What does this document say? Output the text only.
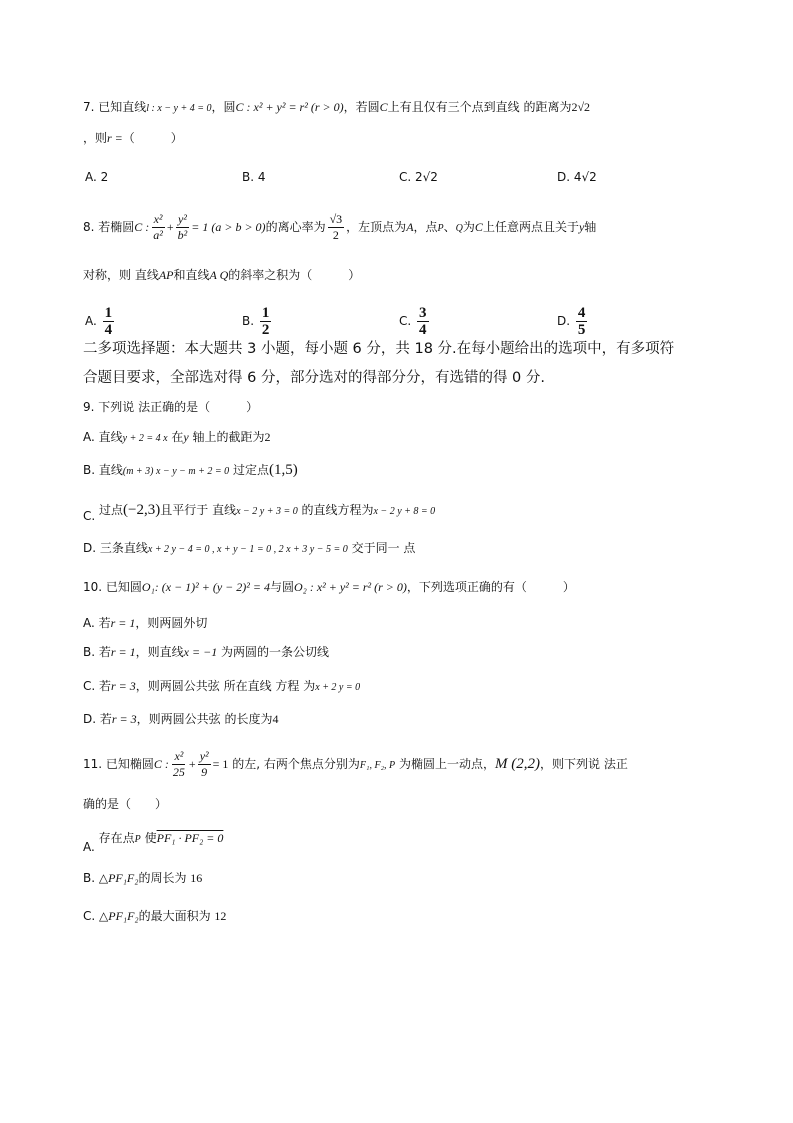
7. 已知直线l : x − y + 4 = 0，圆C : x² + y² = r² (r > 0)，若圆C上有且仅有三个点到直线 的距离为2√2
，则r =（　　　）
A. 2	B. 4	C. 2√2	D. 4√2
8. 若椭圆C : $\frac{\text{x²}}{\text{a²}} + \frac{\text{y²}}{\text{b²}} = 1$ (a > b > 0)的离心率为 $\frac{√3}{2}$ ，左顶点为A，点P、Q为C上任意两点且关于y轴
对称，则 直线AP和直线A Q的斜率之积为（　　　）
A. $\frac{1}{4}$	B. $\frac{1}{2}$	C. $\frac{3}{4}$	D. $\frac{4}{5}$
二多项选择题：本大题共 3 小题，每小题 6 分，共 18 分.在每小题给出的选项中，有多项符
合题目要求，全部选对得 6 分，部分选对的得部分分，有选错的得 0 分.
9. 下列说 法正确的是（　　　）
A. 直线y + 2 = 4 x 在y 轴上的截距为2
B. 直线(m + 3) x − y − m + 2 = 0 过定点(1,5)
C. 过点(−2,3)且平行于 直线x − 2 y + 3 = 0 的直线方程为x − 2 y + 8 = 0
D. 三条直线x + 2 y − 4 = 0 , x + y − 1 = 0 , 2 x + 3 y − 5 = 0 交于同一 点
10. 已知圆O₁: (x − 1)² + (y − 2)² = 4与圆O₂ : x² + y² = r² (r > 0)，下列选项正确的有（　　　）
A. 若r = 1，则两圆外切
B. 若r = 1，则直线x = −1 为两圆的一条公切线
C. 若r = 3，则两圆公共弦 所在直线 方程 为x + 2 y = 0
D. 若r = 3，则两圆公共弦 的长度为4
11. 已知椭圆C : $\frac{\text{x²}}{25} + \frac{\text{y²}}{9} = 1$ 的左, 右两个焦点分别为F₁, F₂, P 为椭圆上一动点，M (2,2)，则下列说 法正
确的是（　　）
A. 存在点P 使PF₁ · PF₂ = 0
B. △PF₁F₂的周长为 16
C. △PF₁F₂的最大面积为 12
